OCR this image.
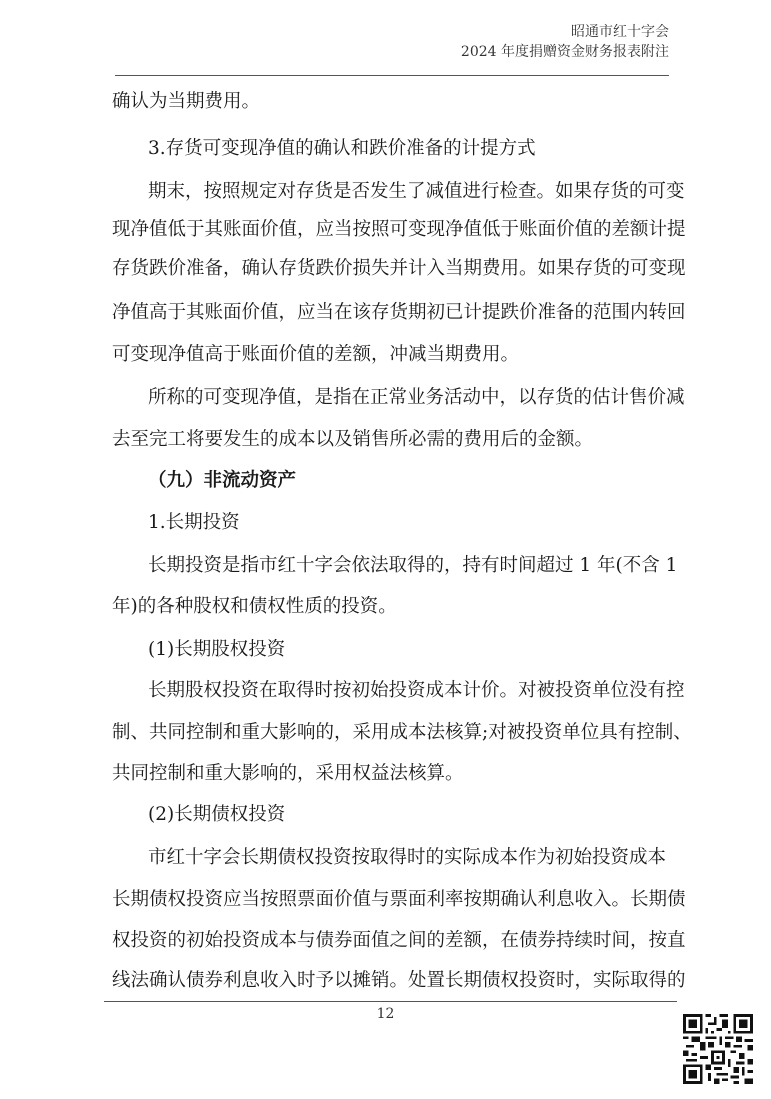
昭通市红十字会
2024 年度捐赠资金财务报表附注
确认为当期费用。
3.存货可变现净值的确认和跌价准备的计提方式
期末，按照规定对存货是否发生了减值进行检查。如果存货的可变
现净值低于其账面价值，应当按照可变现净值低于账面价值的差额计提
存货跌价准备，确认存货跌价损失并计入当期费用。如果存货的可变现
净值高于其账面价值，应当在该存货期初已计提跌价准备的范围内转回
可变现净值高于账面价值的差额，冲减当期费用。
所称的可变现净值，是指在正常业务活动中，以存货的估计售价减
去至完工将要发生的成本以及销售所必需的费用后的金额。
（九）非流动资产
1.长期投资
长期投资是指市红十字会依法取得的，持有时间超过 1 年(不含 1
年)的各种股权和债权性质的投资。
(1)长期股权投资
长期股权投资在取得时按初始投资成本计价。对被投资单位没有控
制、共同控制和重大影响的，采用成本法核算;对被投资单位具有控制、
共同控制和重大影响的，采用权益法核算。
(2)长期债权投资
市红十字会长期债权投资按取得时的实际成本作为初始投资成本
长期债权投资应当按照票面价值与票面利率按期确认利息收入。长期债
权投资的初始投资成本与债券面值之间的差额，在债券持续时间，按直
线法确认债券利息收入时予以摊销。处置长期债权投资时，实际取得的
12
